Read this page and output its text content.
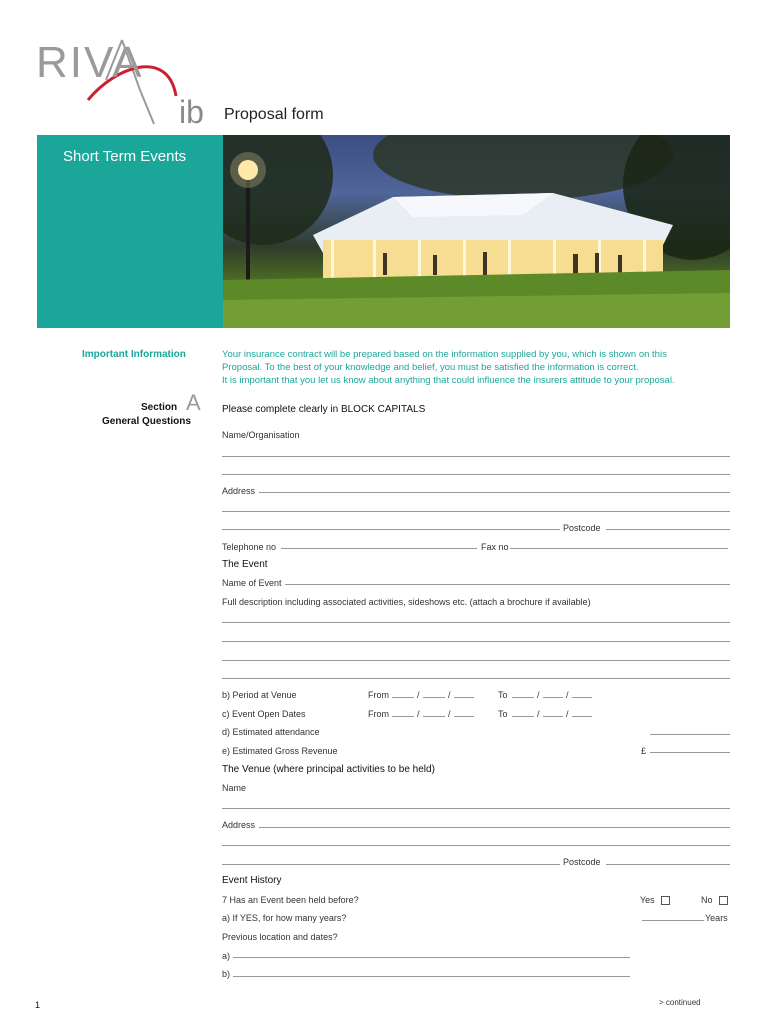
RIVA
ib Proposal form
Short Term Events
Important Information	Your insurance contract will be prepared based on the information supplied by you, which is shown on this
Proposal. To the best of your knowledge and belief, you must be satisfied the information is correct.
It is important that you let us know about anything that could influence the insurers attitude to your proposal.
Section A
General Questions
Please complete clearly in BLOCK CAPITALS
Name/Organisation
Address
Postcode
Telephone no	Fax no
The Event
Name of Event
Full description including associated activities, sideshows etc. (attach a brochure if available)
b) Period at Venue	From	/	/	To	/	/
c) Event Open Dates	From	/	/	To	/	/
d) Estimated attendance
e) Estimated Gross Revenue	£
The Venue (where principal activities to be held)
Name
Address
Postcode
Event History
7 Has an Event been held before?	Yes	No
a) If YES, for how many years?	Years
Previous location and dates?
a)
b)
1	> continued
